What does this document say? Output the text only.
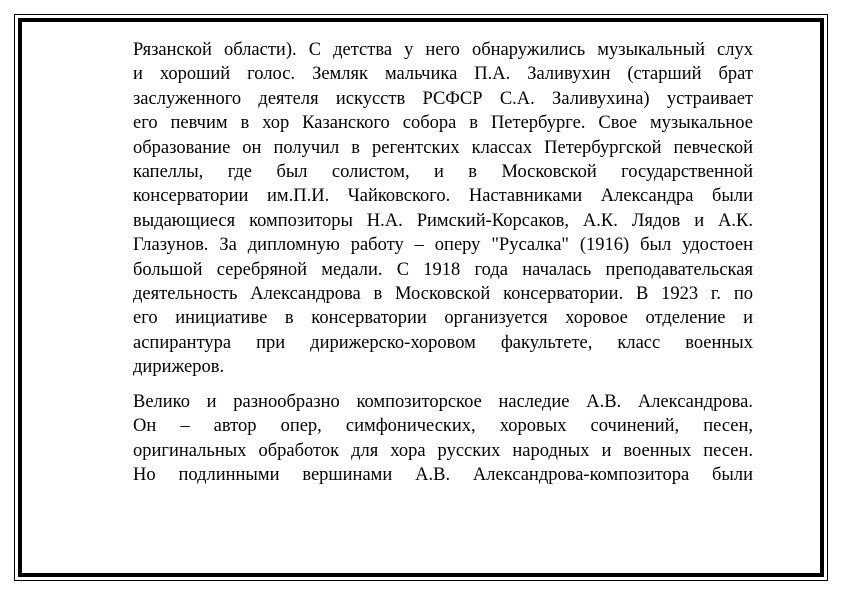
Рязанской области). С детства у него обнаружились музыкальный слух
и хороший голос. Земляк мальчика П.А. Заливухин (старший брат
заслуженного деятеля искусств РСФСР С.А. Заливухина) устраивает
его певчим в хор Казанского собора в Петербурге. Свое музыкальное
образование он получил в регентских классах Петербургской певческой
капеллы, где был солистом, и в Московской государственной
консерватории им.П.И. Чайковского. Наставниками Александра были
выдающиеся композиторы Н.А. Римский-Корсаков, А.К. Лядов и А.К.
Глазунов. За дипломную работу – оперу "Русалка" (1916) был удостоен
большой серебряной медали. С 1918 года началась преподавательская
деятельность Александрова в Московской консерватории. В 1923 г. по
его инициативе в консерватории организуется хоровое отделение и
аспирантура при дирижерско-хоровом факультете, класс военных
дирижеров.

Велико и разнообразно композиторское наследие А.В. Александрова.
Он – автор опер, симфонических, хоровых сочинений, песен,
оригинальных обработок для хора русских народных и военных песен.
Но подлинными вершинами А.В. Александрова-композитора были
